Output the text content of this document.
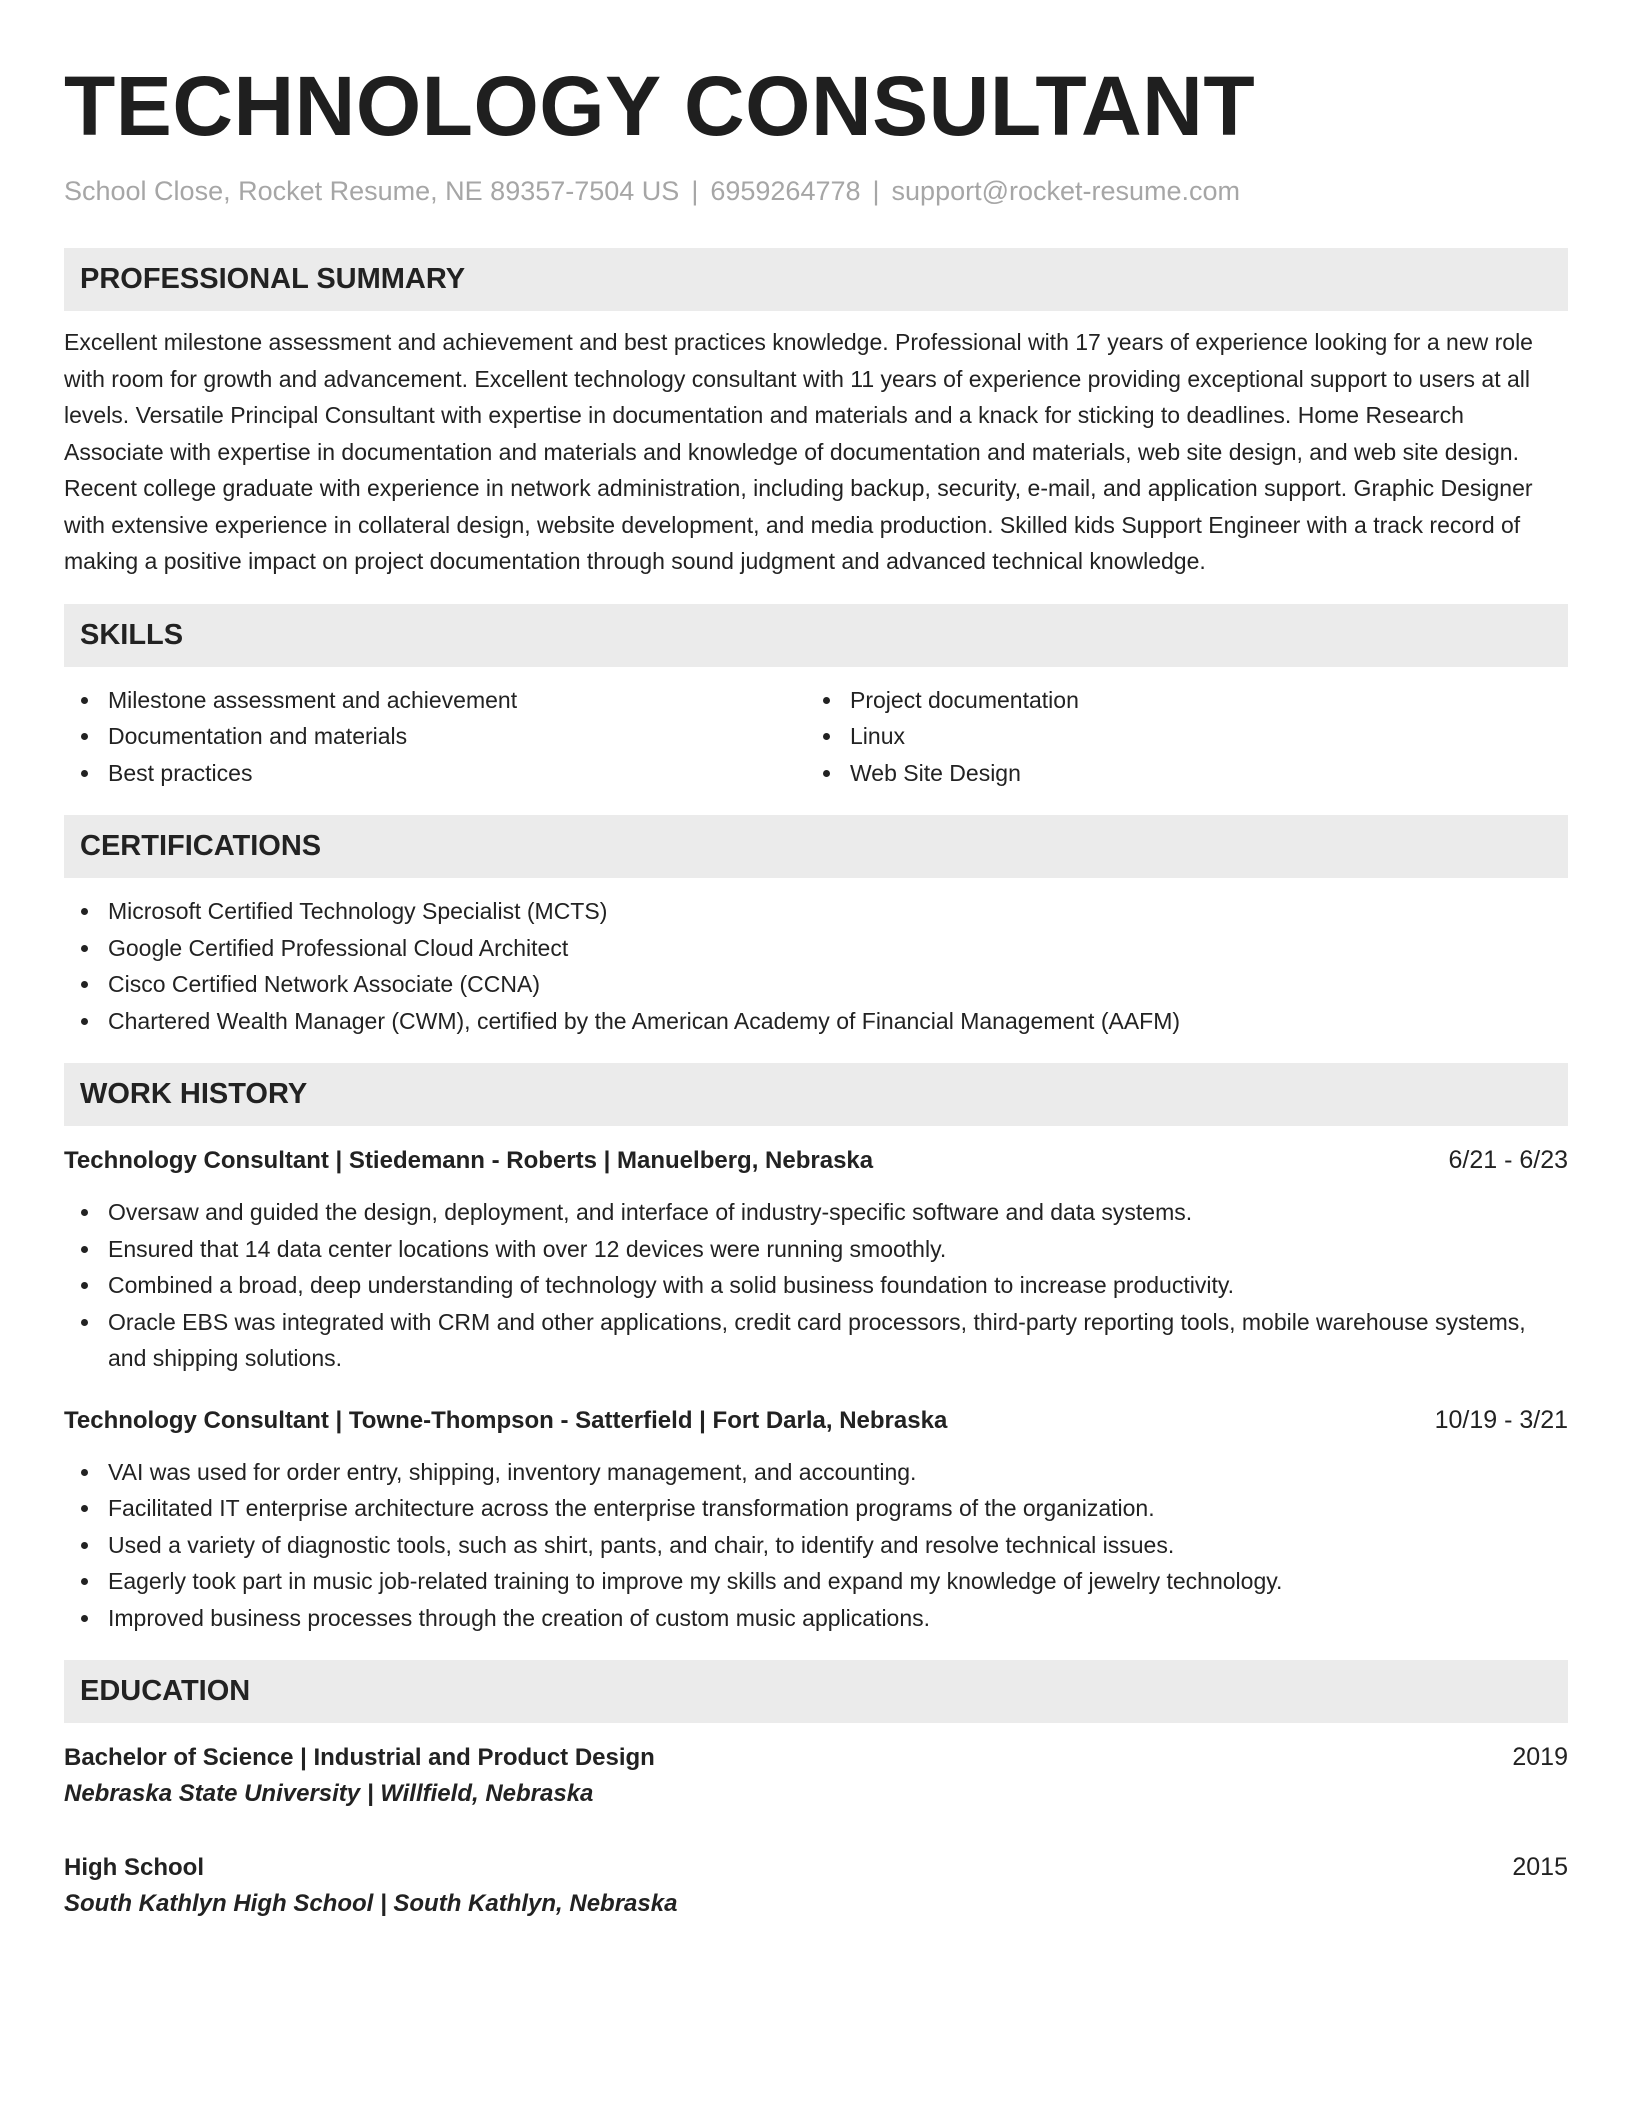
TECHNOLOGY CONSULTANT
School Close, Rocket Resume, NE 89357-7504 US | 6959264778 | support@rocket-resume.com
PROFESSIONAL SUMMARY

Excellent milestone assessment and achievement and best practices knowledge. Professional with 17 years of experience looking for a new role with room for growth and advancement. Excellent technology consultant with 11 years of experience providing exceptional support to users at all levels. Versatile Principal Consultant with expertise in documentation and materials and a knack for sticking to deadlines. Home Research Associate with expertise in documentation and materials and knowledge of documentation and materials, web site design, and web site design. Recent college graduate with experience in network administration, including backup, security, e-mail, and application support. Graphic Designer with extensive experience in collateral design, website development, and media production. Skilled kids Support Engineer with a track record of making a positive impact on project documentation through sound judgment and advanced technical knowledge.

SKILLS
Milestone assessment and achievement
Documentation and materials
Best practices
Project documentation
Linux
Web Site Design
CERTIFICATIONS
Microsoft Certified Technology Specialist (MCTS)
Google Certified Professional Cloud Architect
Cisco Certified Network Associate (CCNA)
Chartered Wealth Manager (CWM), certified by the American Academy of Financial Management (AAFM)
WORK HISTORY
Technology Consultant | Stiedemann - Roberts | Manuelberg, Nebraska	6/21 - 6/23
Oversaw and guided the design, deployment, and interface of industry-specific software and data systems.
Ensured that 14 data center locations with over 12 devices were running smoothly.
Combined a broad, deep understanding of technology with a solid business foundation to increase productivity.
Oracle EBS was integrated with CRM and other applications, credit card processors, third-party reporting tools, mobile warehouse systems, and shipping solutions.
Technology Consultant | Towne-Thompson - Satterfield | Fort Darla, Nebraska	10/19 - 3/21
VAI was used for order entry, shipping, inventory management, and accounting.
Facilitated IT enterprise architecture across the enterprise transformation programs of the organization.
Used a variety of diagnostic tools, such as shirt, pants, and chair, to identify and resolve technical issues.
Eagerly took part in music job-related training to improve my skills and expand my knowledge of jewelry technology.
Improved business processes through the creation of custom music applications.
EDUCATION
Bachelor of Science | Industrial and Product Design	2019
Nebraska State University | Willfield, Nebraska
High School	2015
South Kathlyn High School | South Kathlyn, Nebraska
